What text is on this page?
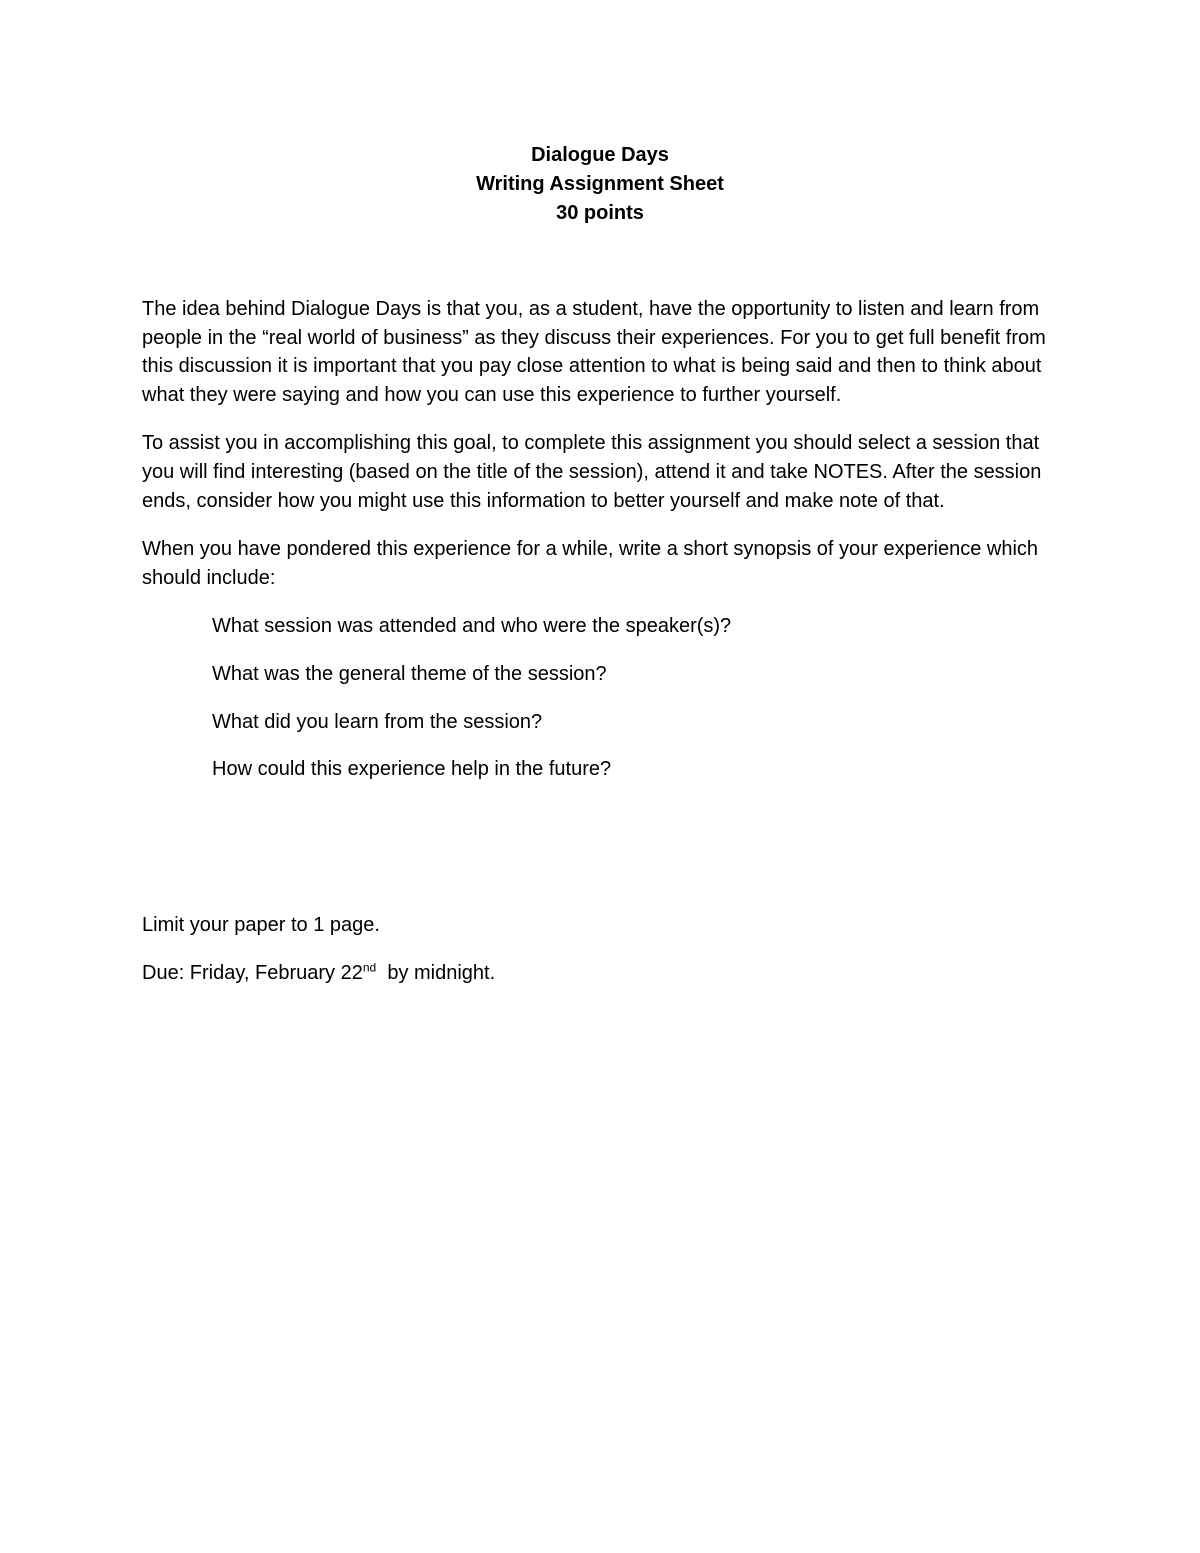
Dialogue Days
Writing Assignment Sheet
30 points

The idea behind Dialogue Days is that you, as a student, have the opportunity to listen and learn from people in the “real world of business” as they discuss their experiences. For you to get full benefit from this discussion it is important that you pay close attention to what is being said and then to think about what they were saying and how you can use this experience to further yourself.

To assist you in accomplishing this goal, to complete this assignment you should select a session that you will find interesting (based on the title of the session), attend it and take NOTES. After the session ends, consider how you might use this information to better yourself and make note of that.

When you have pondered this experience for a while, write a short synopsis of your experience which should include:

What session was attended and who were the speaker(s)?
What was the general theme of the session?
What did you learn from the session?
How could this experience help in the future?

Limit your paper to 1 page.

Due: Friday, February 22nd  by midnight.
